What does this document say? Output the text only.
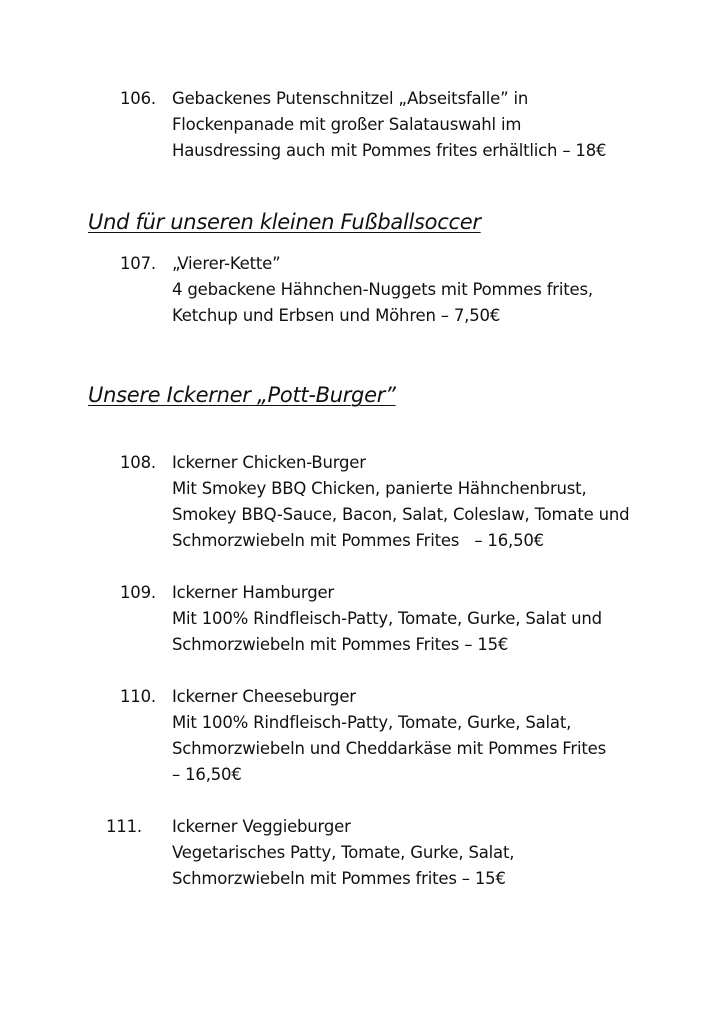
106. Gebackenes Putenschnitzel „Abseitsfalle” in
Flockenpanade mit großer Salatauswahl im
Hausdressing auch mit Pommes frites erhältlich – 18€
Und für unseren kleinen Fußballsoccer
107. „Vierer-Kette”
4 gebackene Hähnchen-Nuggets mit Pommes frites,
Ketchup und Erbsen und Möhren – 7,50€
Unsere Ickerner „Pott-Burger”
108. Ickerner Chicken-Burger
Mit Smokey BBQ Chicken, panierte Hähnchenbrust,
Smokey BBQ-Sauce, Bacon, Salat, Coleslaw, Tomate und
Schmorzwiebeln mit Pommes Frites   – 16,50€
109. Ickerner Hamburger
Mit 100% Rindfleisch-Patty, Tomate, Gurke, Salat und
Schmorzwiebeln mit Pommes Frites – 15€
110. Ickerner Cheeseburger
Mit 100% Rindfleisch-Patty, Tomate, Gurke, Salat,
Schmorzwiebeln und Cheddarkäse mit Pommes Frites
– 16,50€
111. Ickerner Veggieburger
Vegetarisches Patty, Tomate, Gurke, Salat,
Schmorzwiebeln mit Pommes frites – 15€
